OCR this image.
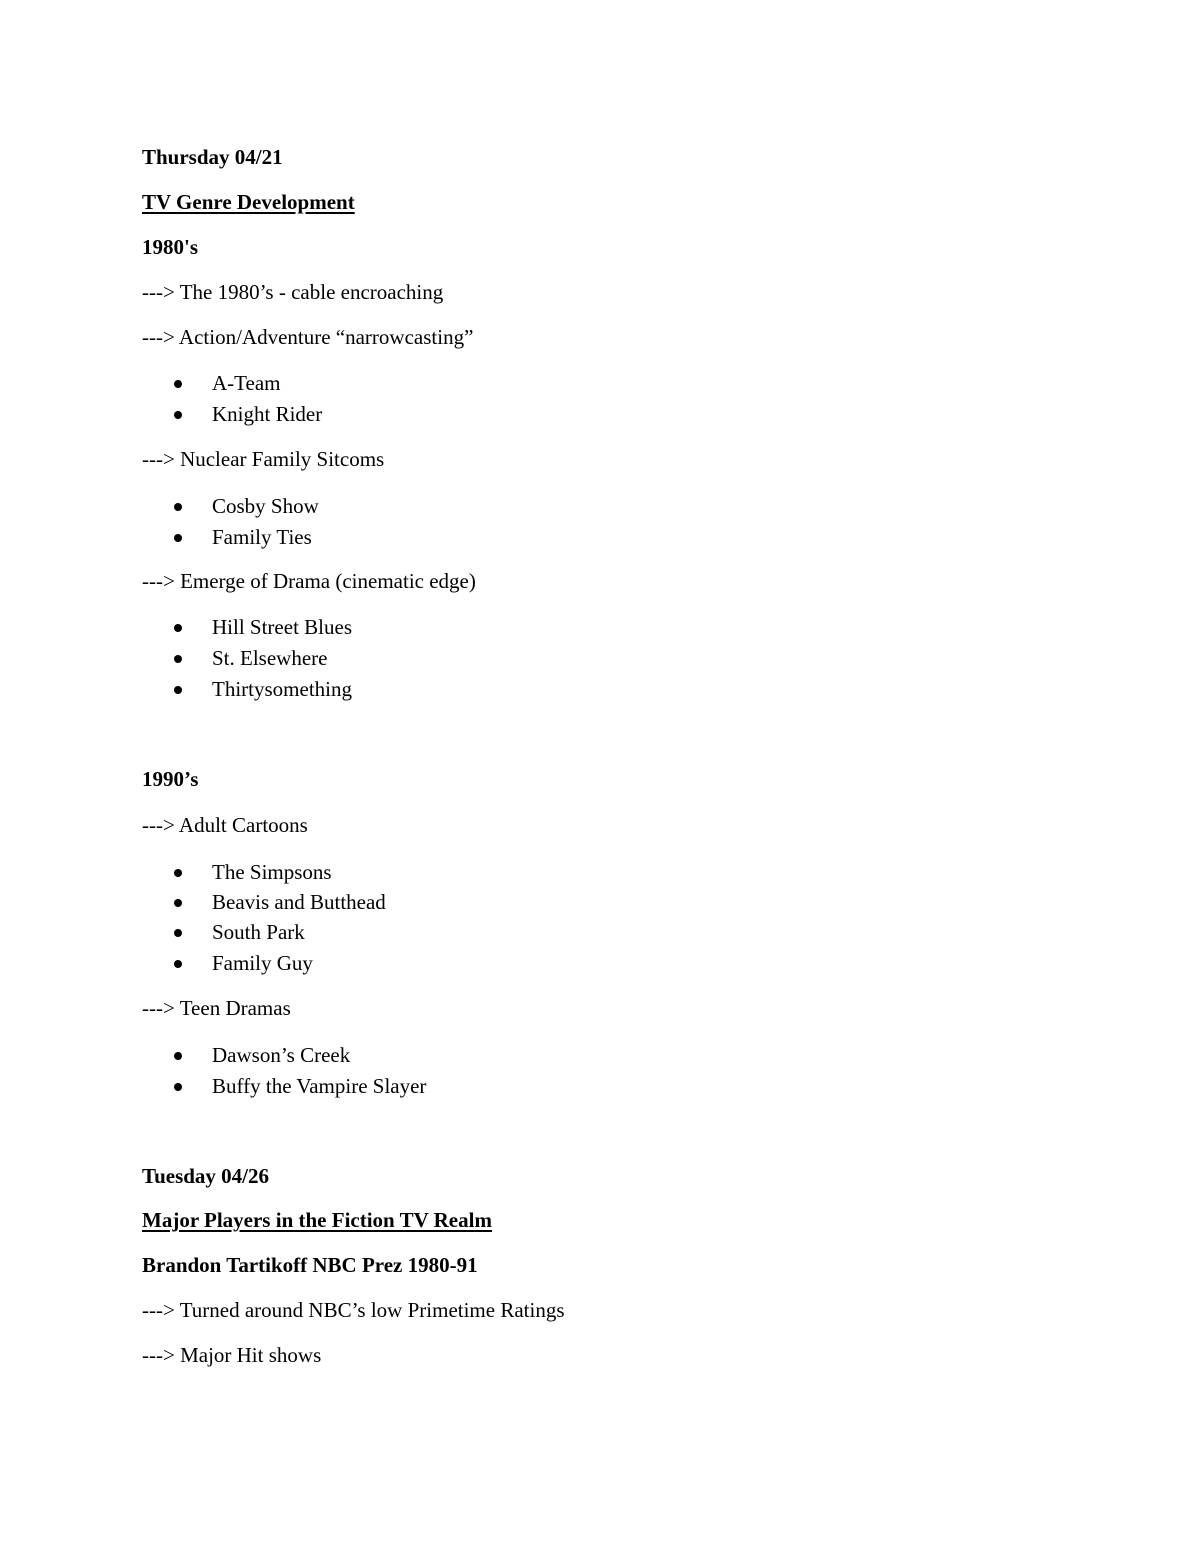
Thursday 04/21
TV Genre Development
1980's
---> The 1980’s - cable encroaching
---> Action/Adventure “narrowcasting”
A-Team
Knight Rider
---> Nuclear Family Sitcoms
Cosby Show
Family Ties
---> Emerge of Drama (cinematic edge)
Hill Street Blues
St. Elsewhere
Thirtysomething
1990’s
---> Adult Cartoons
The Simpsons
Beavis and Butthead
South Park
Family Guy
---> Teen Dramas
Dawson’s Creek
Buffy the Vampire Slayer
Tuesday 04/26
Major Players in the Fiction TV Realm
Brandon Tartikoff NBC Prez 1980-91
---> Turned around NBC’s low Primetime Ratings
---> Major Hit shows
